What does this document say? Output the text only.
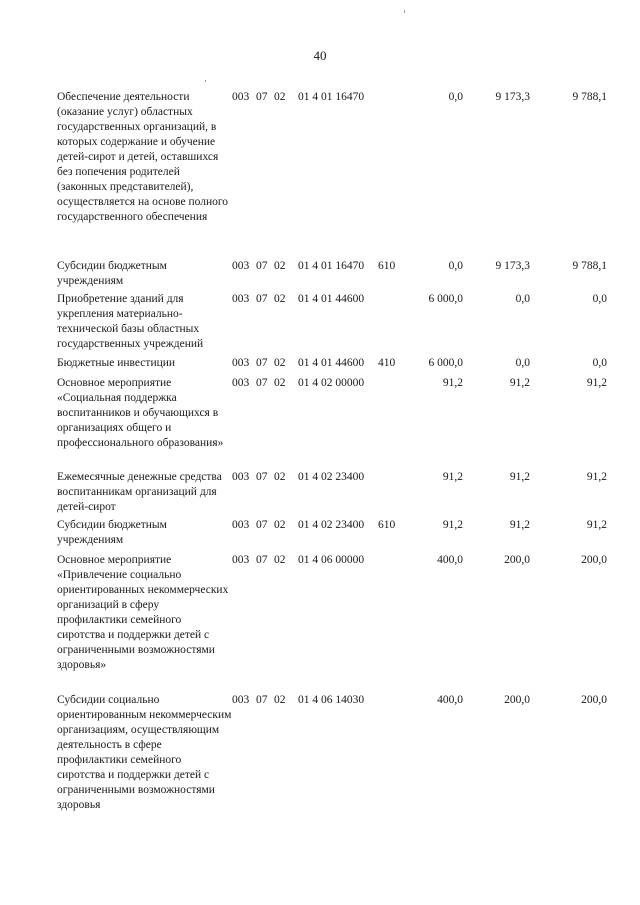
40
Обеспечение деятельности (оказание услуг) областных государственных организаций, в которых содержание и обучение детей-сирот и детей, оставшихся без попечения родителей (законных представителей), осуществляется на основе полного государственного обеспечения
003 07 02 01 4 01 16470	0,0	9 173,3	9 788,1
Субсидии бюджетным учреждениям
003 07 02 01 4 01 16470 610	0,0	9 173,3	9 788,1
Приобретение зданий для укрепления материально-технической базы областных государственных учреждений
003 07 02 01 4 01 44600	6 000,0	0,0	0,0
Бюджетные инвестиции	003 07 02 01 4 01 44600 410	6 000,0	0,0	0,0
Основное мероприятие «Социальная поддержка воспитанников и обучающихся в организациях общего и профессионального образования»
003 07 02 01 4 02 00000	91,2	91,2	91,2
Ежемесячные денежные средства воспитанникам организаций для детей-сирот
003 07 02 01 4 02 23400	91,2	91,2	91,2
Субсидии бюджетным учреждениям
003 07 02 01 4 02 23400 610	91,2	91,2	91,2
Основное мероприятие «Привлечение социально ориентированных некоммерческих организаций в сферу профилактики семейного сиротства и поддержки детей с ограниченными возможностями здоровья»
003 07 02 01 4 06 00000	400,0	200,0	200,0
Субсидии социально ориентированным некоммерческим организациям, осуществляющим деятельность в сфере профилактики семейного сиротства и поддержки детей с ограниченными возможностями здоровья
003 07 02 01 4 06 14030	400,0	200,0	200,0
